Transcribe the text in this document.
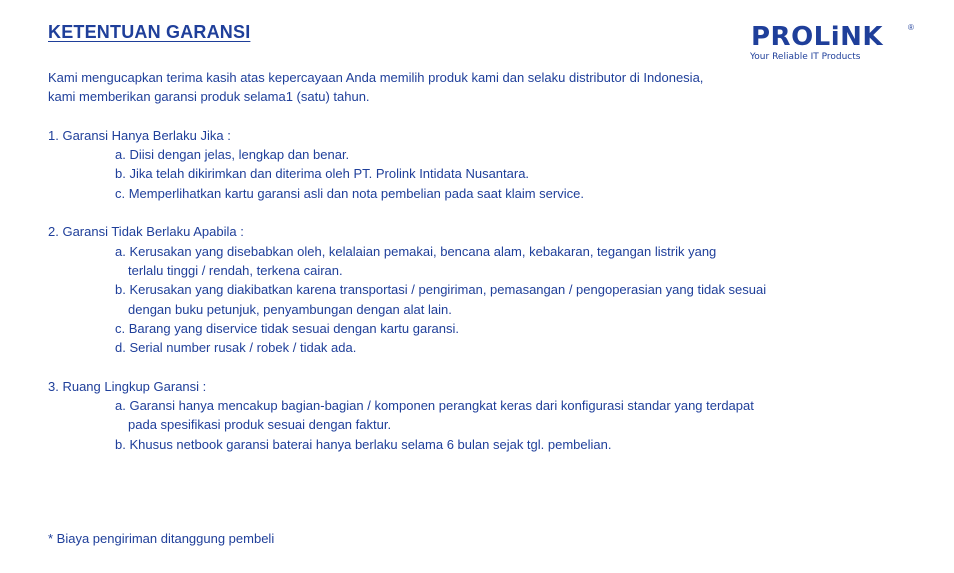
KETENTUAN GARANSI	PROLiNK	®
Your Reliable IT Products
Kami mengucapkan terima kasih atas kepercayaan Anda memilih produk kami dan selaku distributor di Indonesia,
kami memberikan garansi produk selama1 (satu) tahun.
1. Garansi Hanya Berlaku Jika :
a. Diisi dengan jelas, lengkap dan benar.
b. Jika telah dikirimkan dan diterima oleh PT. Prolink Intidata Nusantara.
c. Memperlihatkan kartu garansi asli dan nota pembelian pada saat klaim service.
2. Garansi Tidak Berlaku Apabila :
a. Kerusakan yang disebabkan oleh, kelalaian pemakai, bencana alam, kebakaran, tegangan listrik yang
terlalu tinggi / rendah, terkena cairan.
b. Kerusakan yang diakibatkan karena transportasi / pengiriman, pemasangan / pengoperasian yang tidak sesuai
dengan buku petunjuk, penyambungan dengan alat lain.
c. Barang yang diservice tidak sesuai dengan kartu garansi.
d. Serial number rusak / robek / tidak ada.
3. Ruang Lingkup Garansi :
a. Garansi hanya mencakup bagian-bagian / komponen perangkat keras dari konfigurasi standar yang terdapat
pada spesifikasi produk sesuai dengan faktur.
b. Khusus netbook garansi baterai hanya berlaku selama 6 bulan sejak tgl. pembelian.
* Biaya pengiriman ditanggung pembeli
